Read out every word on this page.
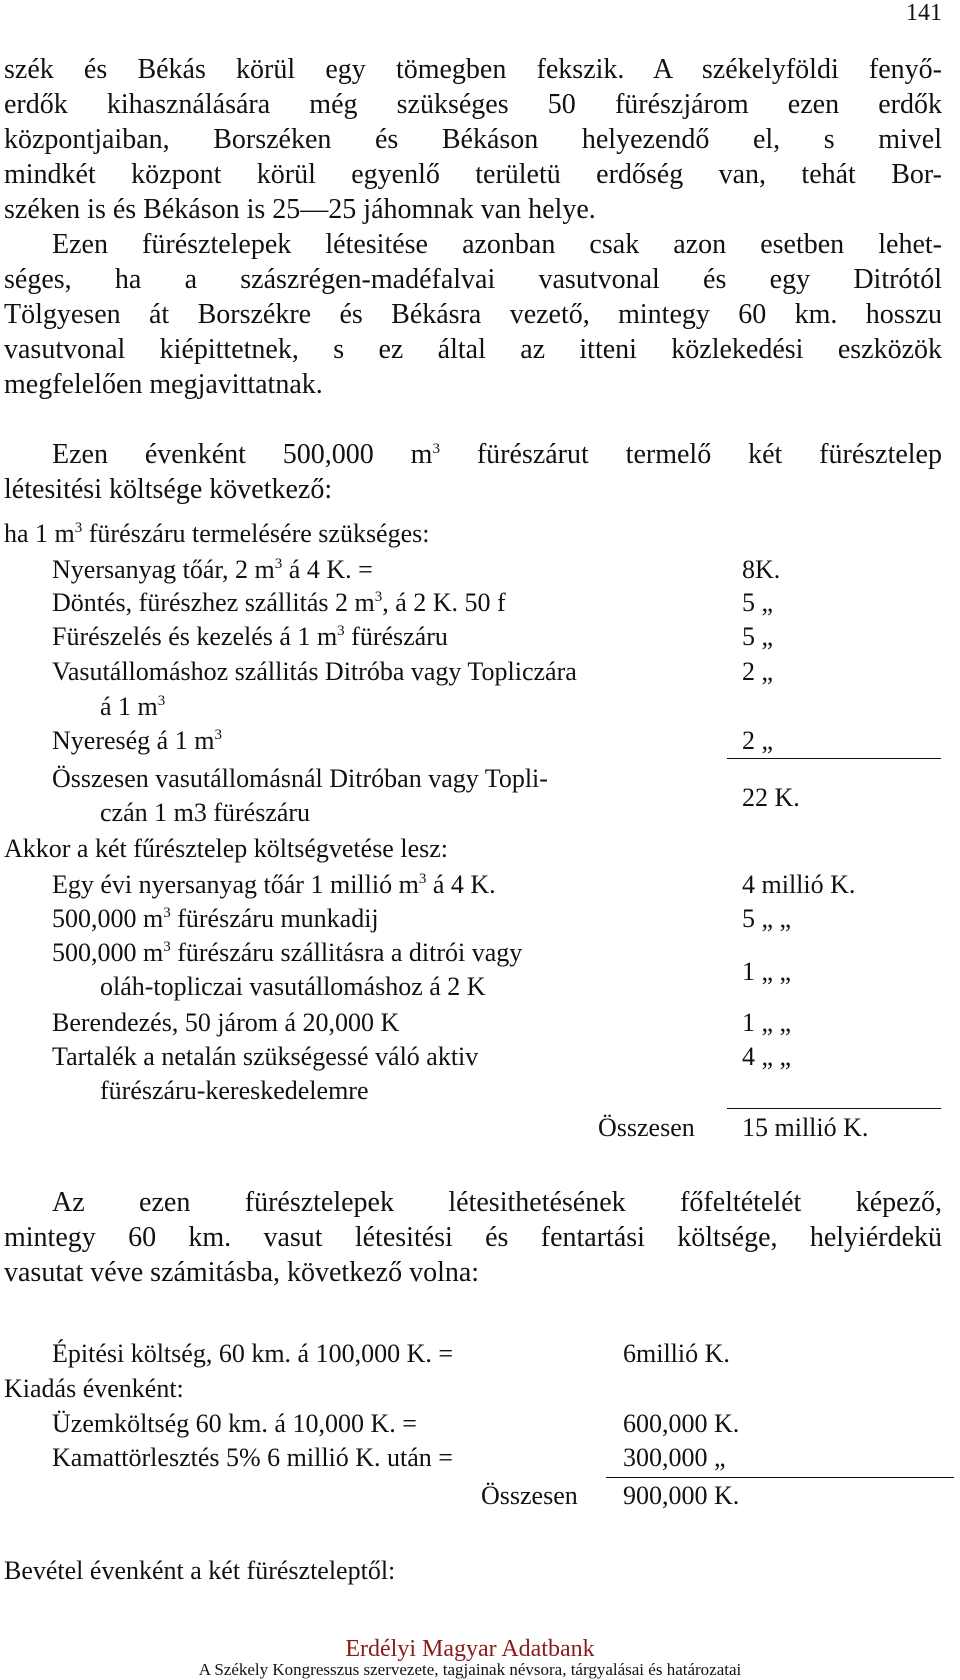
141

szék és Békás körül egy tömegben fekszik. A székelyföldi fenyő-

erdők kihasználására még szükséges 50 fürészjárom ezen erdők

központjaiban, Borszéken és Békáson helyezendő el, s mivel

mindkét központ körül egyenlő területü erdőség van, tehát Bor-

széken is és Békáson is 25—25 jáhomnak van helye.

Ezen fürésztelepek létesitése azonban csak azon esetben lehet-

séges, ha a szászrégen-madéfalvai vasutvonal és egy Ditrótól

Tölgyesen át Borszékre és Békásra vezető, mintegy 60 km. hosszu

vasutvonal kiépittetnek, s ez által az itteni közlekedési eszközök

megfelelően megjavittatnak.

Ezen évenként 500,000 $m^3$ fürészárut termelő két fürésztelep

létesitési költsége következő:

ha 1 $m^3$ fürészáru termelésére szükséges:
Nyersanyag tőár, 2 $m^3$ á 4 K. =	8K.
Döntés, fürészhez szállitás 2 $m^3$, á 2 K. 50 f	5 „
Fürészelés és kezelés á 1 $m^3$ fürészáru	5 „
Vasutállomáshoz szállitás Ditróba vagy Topliczára	2 „
á 1 $m^3$
Nyereség á 1 $m^3$	2 „
Összesen vasutállomásnál Ditróban vagy Topli-
czán 1 m3 fürészáru
22 K.
Akkor a két fűrésztelep költségvetése lesz:
Egy évi nyersanyag tőár 1 millió $m^3$ á 4 K.	4 millió K.
500,000 $m^3$ fürészáru munkadij	5 „ „
500,000 $m^3$ fürészáru szállitásra a ditrói vagy
oláh-topliczai vasutállomáshoz á 2 K
1 „ „
Berendezés, 50 járom á 20,000 K	1 „ „
Tartalék a netalán szükségessé váló aktiv	4 „ „
fürészáru-kereskedelemre
Összesen 15 millió K.

Az ezen fürésztelepek létesithetésének főfeltételét képező,

mintegy 60 km. vasut létesitési és fentartási költsége, helyiérdekü

vasutat véve számitásba, következő volna:

Épitési költség, 60 km. á 100,000 K. =	6millió K.
Kiadás évenként:
Üzemköltség 60 km. á 10,000 K. =	600,000 K.
Kamattörlesztés 5% 6 millió K. után =	300,000 „
Összesen 900,000 K.
Bevétel évenként a két fürészteleptől:
Erdélyi Magyar Adatbank
A Székely Kongresszus szervezete, tagjainak névsora, tárgyalásai és határozatai
